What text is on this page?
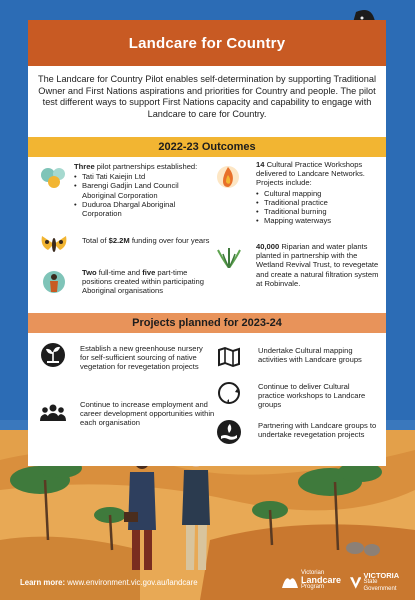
Landcare for Country

The Landcare for Country Pilot enables self-determination by supporting Traditional Owner and First Nations aspirations and priorities for Country and people. The pilot test different ways to support First Nations capacity and capability to engage with Landcare to care for Country.

2022-23 Outcomes
Three pilot partnerships established:
• Tati Tati Kaiejin Ltd
• Barengi Gadjin Land Council Aboriginal Corporation
• Duduroa Dhargal Aboriginal Corporation
Total of $2.2M funding over four years
Two full-time and five part-time positions created within participating Aboriginal organisations
14 Cultural Practice Workshops delivered to Landcare Networks. Projects include:
• Cultural mapping
• Traditional practice
• Traditional burning
• Mapping waterways
40,000 Riparian and water plants planted in partnership with the Wetland Revival Trust, to revegetate and create a natural filtration system at Robinvale.
Projects planned for 2023-24
Establish a new greenhouse nursery for self-sufficient sourcing of native vegetation for revegetation projects
Continue to increase employment and career development opportunities within each organisation
Undertake Cultural mapping activities with Landcare groups
Continue to deliver Cultural practice workshops to Landcare groups
Partnering with Landcare groups to undertake revegetation projects
Learn more: www.environment.vic.gov.au/landcare
Victorian
Landcare
Program
VICTORIA
State Government
